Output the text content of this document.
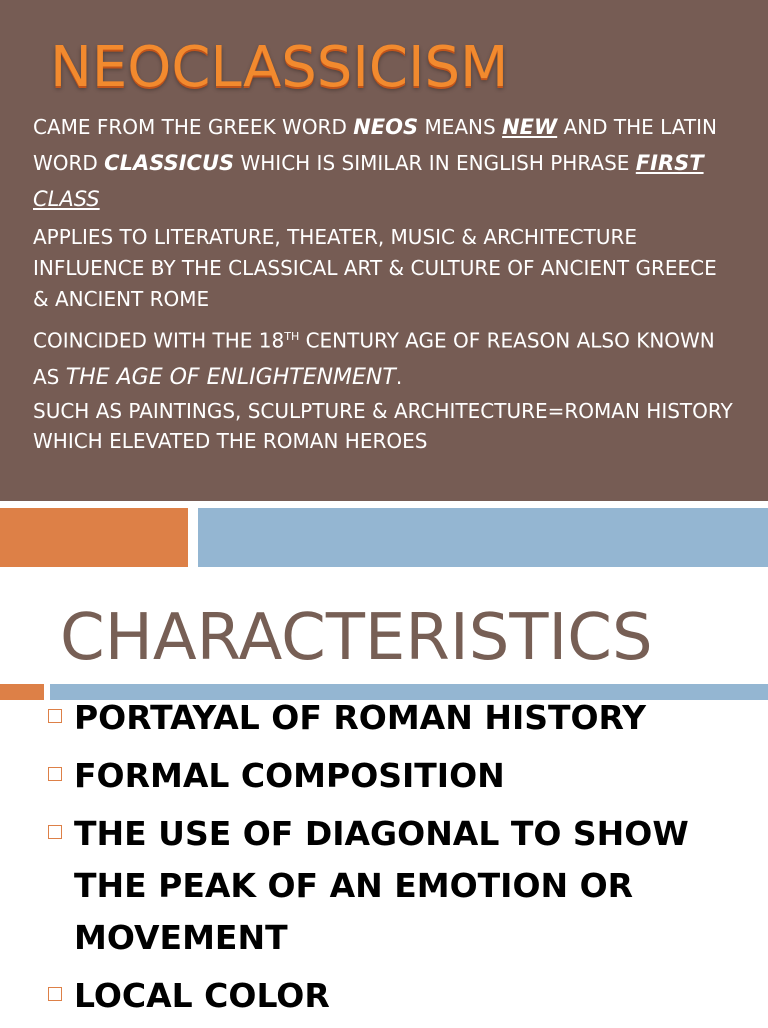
NEOCLASSICISM

CAME FROM THE GREEK WORD NEOS MEANS NEW AND THE LATIN WORD CLASSICUS WHICH IS SIMILAR IN ENGLISH PHRASE FIRST CLASS

APPLIES TO LITERATURE, THEATER, MUSIC & ARCHITECTURE INFLUENCE BY THE CLASSICAL ART & CULTURE OF ANCIENT GREECE & ANCIENT ROME

COINCIDED WITH THE 18TH CENTURY AGE OF REASON ALSO KNOWN AS THE AGE OF ENLIGHTENMENT.

SUCH AS PAINTINGS, SCULPTURE & ARCHITECTURE=ROMAN HISTORY WHICH ELEVATED THE ROMAN HEROES

CHARACTERISTICS
PORTAYAL OF ROMAN HISTORY
FORMAL COMPOSITION
THE USE OF DIAGONAL TO SHOW THE PEAK OF AN EMOTION OR MOVEMENT
LOCAL COLOR
